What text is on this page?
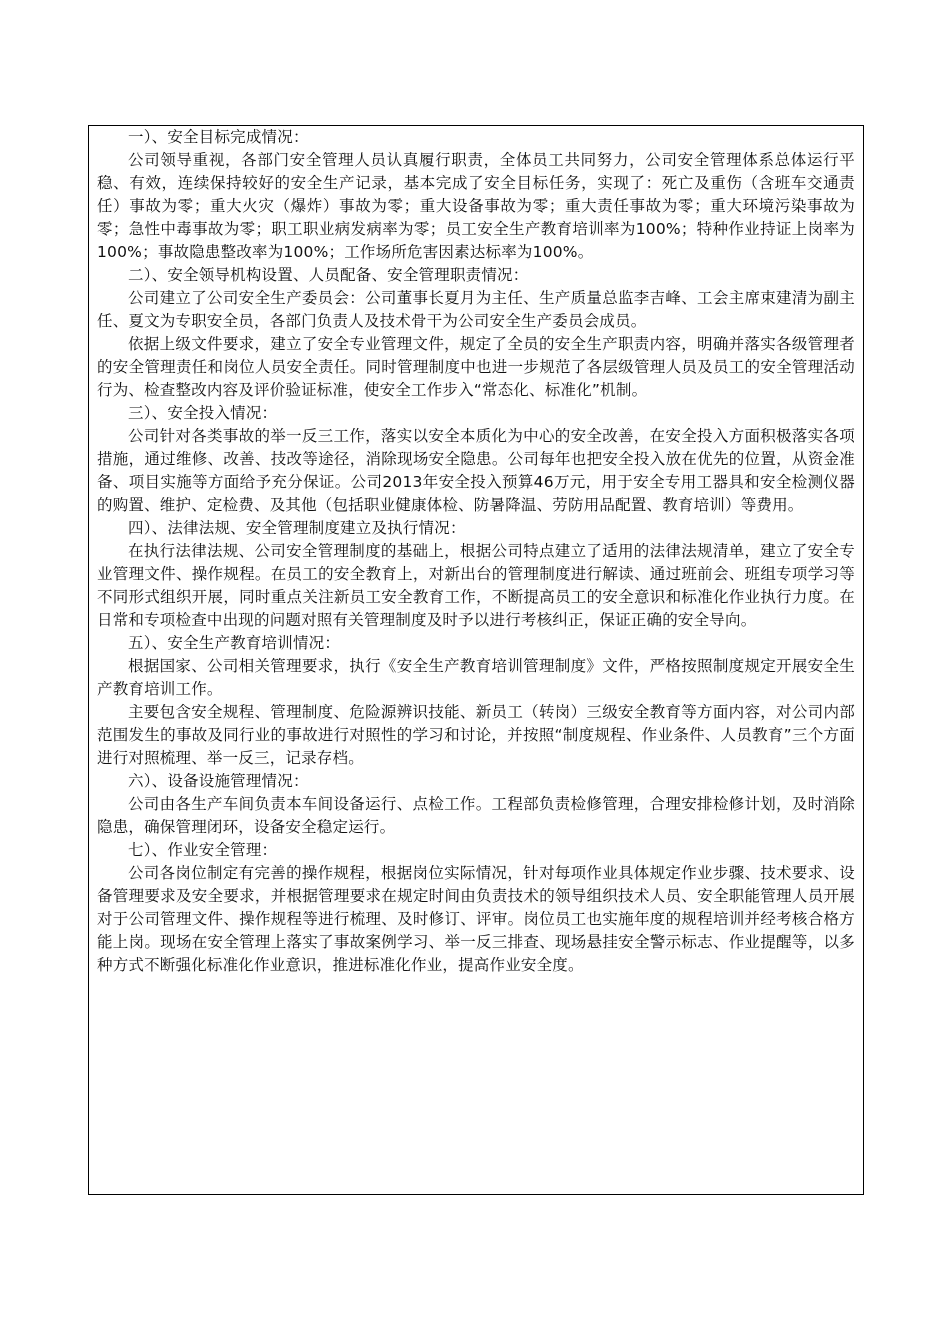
一）、安全目标完成情况：

公司领导重视，各部门安全管理人员认真履行职责，全体员工共同努力，公司安全管理体系总体运行平稳、有效，连续保持较好的安全生产记录，基本完成了安全目标任务，实现了：死亡及重伤（含班车交通责任）事故为零；重大火灾（爆炸）事故为零；重大设备事故为零；重大责任事故为零；重大环境污染事故为零；急性中毒事故为零；职工职业病发病率为零；员工安全生产教育培训率为100%；特种作业持证上岗率为100%；事故隐患整改率为100%；工作场所危害因素达标率为100%。

二）、安全领导机构设置、人员配备、安全管理职责情况：

公司建立了公司安全生产委员会：公司董事长夏月为主任、生产质量总监李吉峰、工会主席束建清为副主任、夏文为专职安全员，各部门负责人及技术骨干为公司安全生产委员会成员。

依据上级文件要求，建立了安全专业管理文件，规定了全员的安全生产职责内容，明确并落实各级管理者的安全管理责任和岗位人员安全责任。同时管理制度中也进一步规范了各层级管理人员及员工的安全管理活动行为、检查整改内容及评价验证标准，使安全工作步入“常态化、标准化”机制。

三）、安全投入情况：

公司针对各类事故的举一反三工作，落实以安全本质化为中心的安全改善，在安全投入方面积极落实各项措施，通过维修、改善、技改等途径，消除现场安全隐患。公司每年也把安全投入放在优先的位置，从资金准备、项目实施等方面给予充分保证。公司2013年安全投入预算46万元，用于安全专用工器具和安全检测仪器的购置、维护、定检费、及其他（包括职业健康体检、防暑降温、劳防用品配置、教育培训）等费用。

四）、法律法规、安全管理制度建立及执行情况：

在执行法律法规、公司安全管理制度的基础上，根据公司特点建立了适用的法律法规清单，建立了安全专业管理文件、操作规程。在员工的安全教育上，对新出台的管理制度进行解读、通过班前会、班组专项学习等不同形式组织开展，同时重点关注新员工安全教育工作，不断提高员工的安全意识和标准化作业执行力度。在日常和专项检查中出现的问题对照有关管理制度及时予以进行考核纠正，保证正确的安全导向。

五）、安全生产教育培训情况：

根据国家、公司相关管理要求，执行《安全生产教育培训管理制度》文件，严格按照制度规定开展安全生产教育培训工作。

主要包含安全规程、管理制度、危险源辨识技能、新员工（转岗）三级安全教育等方面内容，对公司内部范围发生的事故及同行业的事故进行对照性的学习和讨论，并按照“制度规程、作业条件、人员教育”三个方面进行对照梳理、举一反三，记录存档。

六）、设备设施管理情况：

公司由各生产车间负责本车间设备运行、点检工作。工程部负责检修管理，合理安排检修计划，及时消除隐患，确保管理闭环，设备安全稳定运行。

七）、作业安全管理：

公司各岗位制定有完善的操作规程，根据岗位实际情况，针对每项作业具体规定作业步骤、技术要求、设备管理要求及安全要求，并根据管理要求在规定时间由负责技术的领导组织技术人员、安全职能管理人员开展对于公司管理文件、操作规程等进行梳理、及时修订、评审。岗位员工也实施年度的规程培训并经考核合格方能上岗。现场在安全管理上落实了事故案例学习、举一反三排查、现场悬挂安全警示标志、作业提醒等，以多种方式不断强化标准化作业意识，推进标准化作业，提高作业安全度。
